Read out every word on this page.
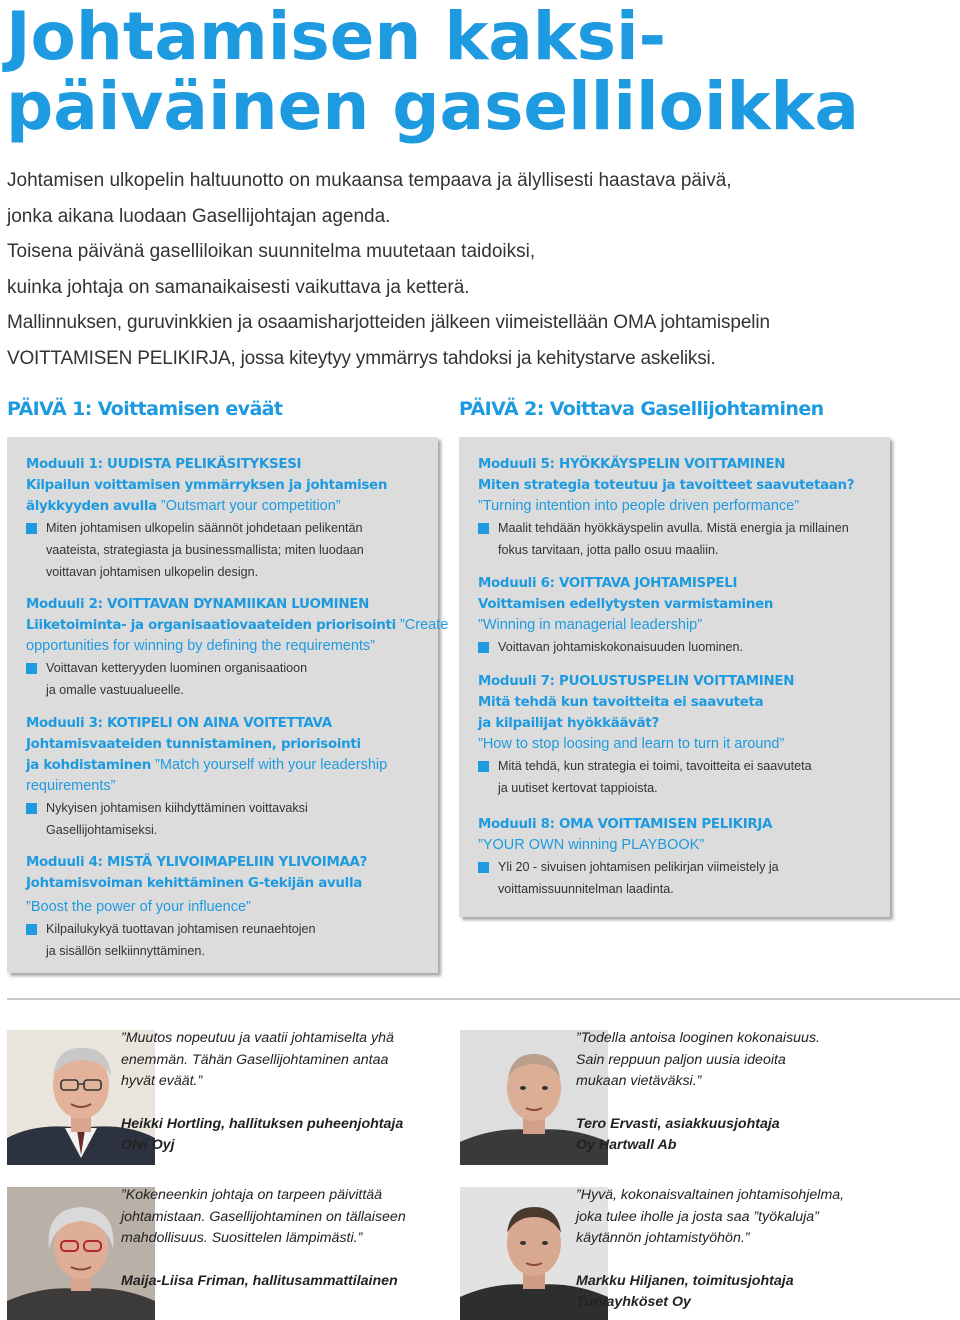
Johtamisen kaksi-
päiväinen gaselliloikka
Johtamisen ulkopelin haltuunotto on mukaansa tempaava ja älyllisesti haastava päivä,
jonka aikana luodaan Gasellijohtajan agenda.
Toisena päivänä gaselliloikan suunnitelma muutetaan taidoiksi,
kuinka johtaja on samanaikaisesti vaikuttava ja ketterä.
Mallinnuksen, guruvinkkien ja osaamisharjotteiden jälkeen viimeistellään OMA johtamispelin
VOITTAMISEN PELIKIRJA, jossa kiteytyy ymmärrys tahdoksi ja kehitystarve askeliksi.
PÄIVÄ 1: Voittamisen eväät	PÄIVÄ 2: Voittava Gasellijohtaminen
Moduuli 1: UUDISTA PELIKÄSITYKSESI
Kilpailun voittamisen ymmärryksen ja johtamisen
älykkyyden avulla ”Outsmart your competition”
Miten johtamisen ulkopelin säännöt johdetaan pelikentän
vaateista, strategiasta ja businessmallista; miten luodaan
voittavan johtamisen ulkopelin design.
Moduuli 2: VOITTAVAN DYNAMIIKAN LUOMINEN
Liiketoiminta- ja organisaatiovaateiden priorisointi ”Create
opportunities for winning by defining the requirements”
Voittavan ketteryyden luominen organisaatioon
ja omalle vastuualueelle.
Moduuli 3: KOTIPELI ON AINA VOITETTAVA
Johtamisvaateiden tunnistaminen, priorisointi
ja kohdistaminen ”Match yourself with your leadership
requirements”
Nykyisen johtamisen kiihdyttäminen voittavaksi
Gasellijohtamiseksi.
Moduuli 4: MISTÄ YLIVOIMAPELIIN YLIVOIMAA?
Johtamisvoiman kehittäminen G-tekijän avulla
”Boost the power of your influence”
Kilpailukykyä tuottavan johtamisen reunaehtojen
ja sisällön selkiinnyttäminen.
Moduuli 5: HYÖKKÄYSPELIN VOITTAMINEN
Miten strategia toteutuu ja tavoitteet saavutetaan?
”Turning intention into people driven performance”
Maalit tehdään hyökkäyspelin avulla. Mistä energia ja millainen
fokus tarvitaan, jotta pallo osuu maaliin.
Moduuli 6: VOITTAVA JOHTAMISPELI
Voittamisen edellytysten varmistaminen
”Winning in managerial leadership”
Voittavan johtamiskokonaisuuden luominen.
Moduuli 7: PUOLUSTUSPELIN VOITTAMINEN
Mitä tehdä kun tavoitteita ei saavuteta
ja kilpailijat hyökkäävät?
”How to stop loosing and learn to turn it around”
Mitä tehdä, kun strategia ei toimi, tavoitteita ei saavuteta
ja uutiset kertovat tappioista.
Moduuli 8: OMA VOITTAMISEN PELIKIRJA
”YOUR OWN winning PLAYBOOK”
Yli 20 - sivuisen johtamisen pelikirjan viimeistely ja
voittamissuunnitelman laadinta.
”Muutos nopeutuu ja vaatii johtamiselta yhä
enemmän. Tähän Gasellijohtaminen antaa
hyvät eväät.”
Heikki Hortling, hallituksen puheenjohtaja
Olvi Oyj
”Todella antoisa looginen kokonaisuus.
Sain reppuun paljon uusia ideoita
mukaan vietäväksi.”
Tero Ervasti, asiakkuusjohtaja
Oy Hartwall Ab
”Kokeneenkin johtaja on tarpeen päivittää
johtamistaan. Gasellijohtaminen on tällaiseen
mahdollisuus. Suosittelen lämpimästi.”
Maija-Liisa Friman, hallitusammattilainen
”Hyvä, kokonaisvaltainen johtamisohjelma,
joka tulee iholle ja josta saa ”työkaluja”
käytännön johtamistyöhön.”
Markku Hiljanen, toimitusjohtaja
Turvayhköset Oy
